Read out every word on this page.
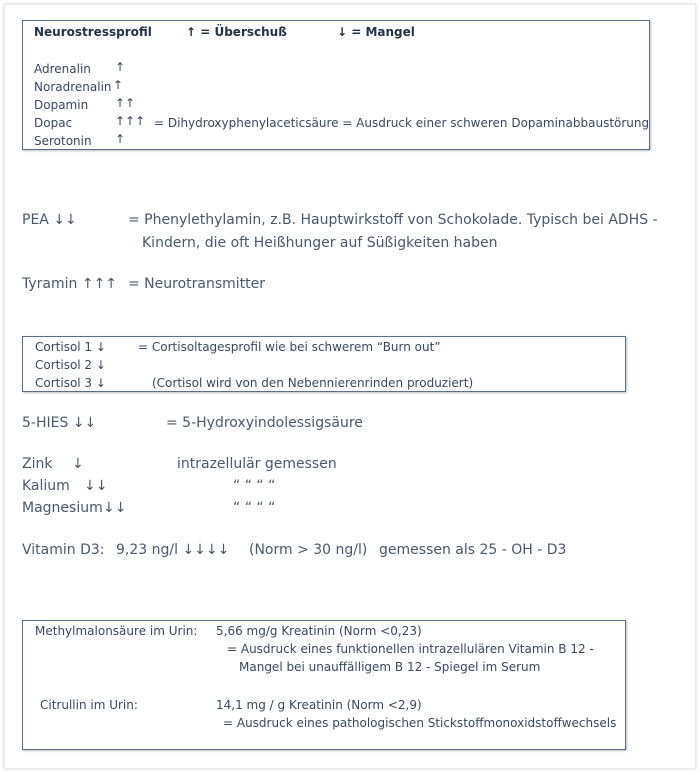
Neurostressprofil	↑ = Überschuß	↓ = Mangel
Adrenalin ↑
Noradrenalin ↑
Dopamin ↑↑
Dopac	↑↑↑ = Dihydroxyphenylaceticsäure = Ausdruck einer schweren Dopaminabbaustörung
Serotonin ↑
PEA ↓↓	= Phenylethylamin, z.B. Hauptwirkstoff von Schokolade. Typisch bei ADHS -
Kindern, die oft Heißhunger auf Süßigkeiten haben
Tyramin ↑↑↑ = Neurotransmitter
Cortisol 1 ↓	= Cortisoltagesprofil wie bei schwerem “Burn out”
Cortisol 2 ↓
Cortisol 3 ↓	(Cortisol wird von den Nebennierenrinden produziert)
5-HIES ↓↓	= 5-Hydroxyindolessigsäure
Zink ↓	intrazellulär gemessen
Kalium ↓↓	“ “ “ “
Magnesium ↓↓	“ “ “ “
Vitamin D3: 9,23 ng/l ↓↓↓↓ (Norm > 30 ng/l) gemessen als 25 - OH - D3
Methylmalonsäure im Urin: 5,66 mg/g Kreatinin (Norm <0,23)
= Ausdruck eines funktionellen intrazellulären Vitamin B 12 -
Mangel bei unauffälligem B 12 - Spiegel im Serum
Citrullin im Urin:	14,1 mg / g Kreatinin (Norm <2,9)
= Ausdruck eines pathologischen Stickstoffmonoxidstoffwechsels
